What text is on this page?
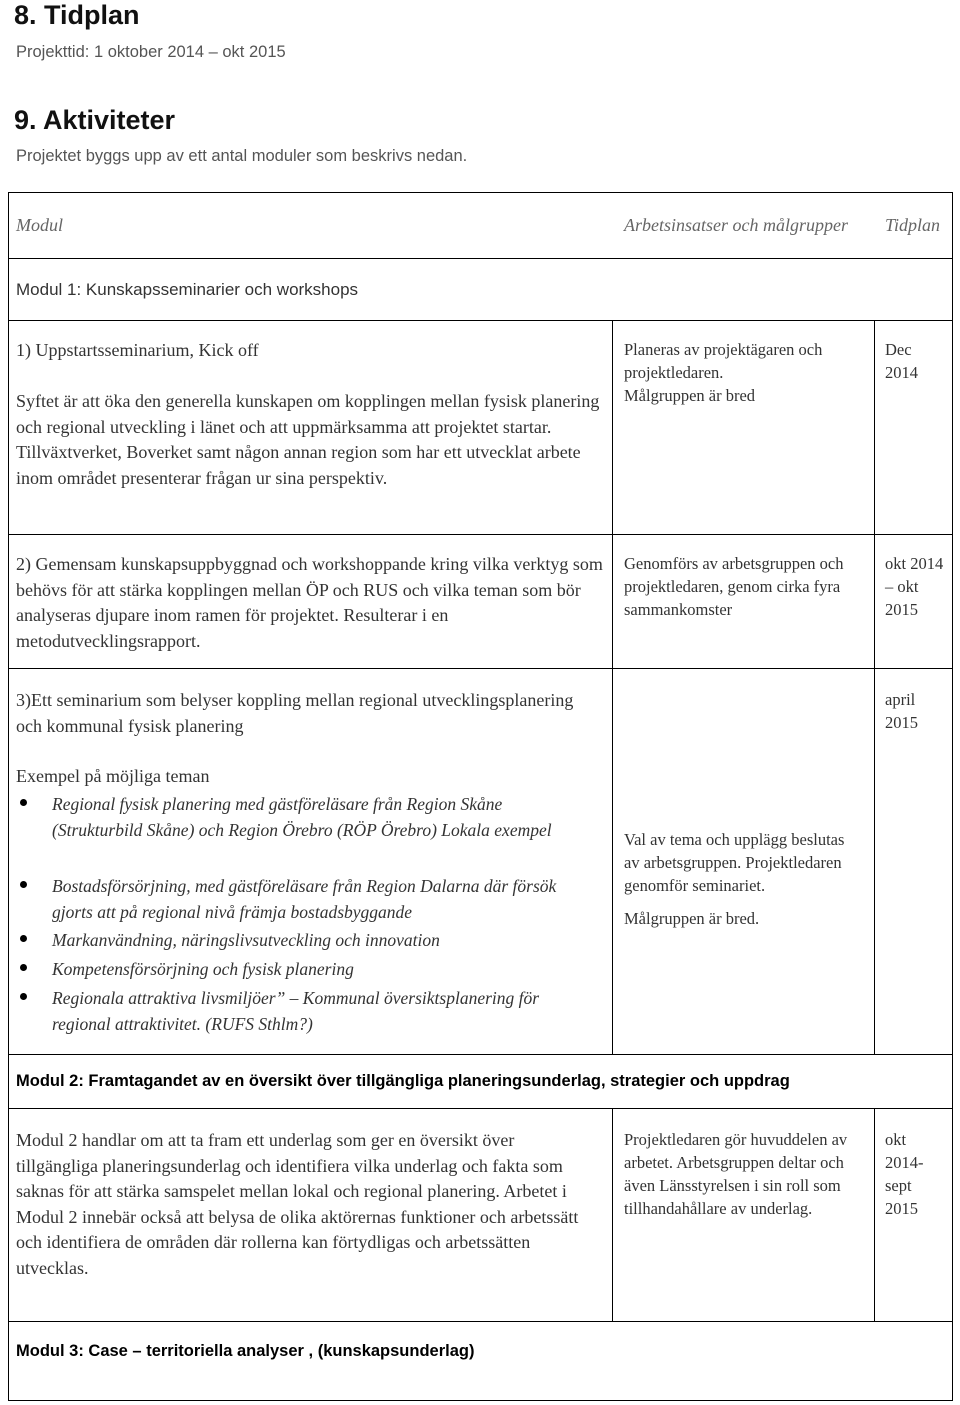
8. Tidplan

Projekttid: 1 oktober 2014 – okt 2015

9. Aktiviteter

Projektet byggs upp av ett antal moduler som beskrivs nedan.

Modul	Arbetsinsatser och målgrupper Tidplan
Modul 1: Kunskapsseminarier och workshops
1) Uppstartsseminarium, Kick off
Syftet är att öka den generella kunskapen om kopplingen mellan fysisk planering och regional utveckling i länet och att uppmärksamma att projektet startar. Tillväxtverket, Boverket samt någon annan region som har ett utvecklat arbete inom området presenterar frågan ur sina perspektiv.
Planeras av projektägaren och projektledaren.
Målgruppen är bred
Dec 2014
2) Gemensam kunskapsuppbyggnad och workshoppande kring vilka verktyg som behövs för att stärka kopplingen mellan ÖP och RUS och vilka teman som bör analyseras djupare inom ramen för projektet. Resulterar i en metodutvecklingsrapport.
Genomförs av arbetsgruppen och projektledaren, genom cirka fyra sammankomster
okt 2014 – okt 2015
3)Ett seminarium som belyser koppling mellan regional utvecklingsplanering och kommunal fysisk planering
Exempel på möjliga teman
Regional fysisk planering med gästföreläsare från Region Skåne (Strukturbild Skåne) och Region Örebro (RÖP Örebro) Lokala exempel
Bostadsförsörjning, med gästföreläsare från Region Dalarna där försök gjorts att på regional nivå främja bostadsbyggande
Markanvändning, näringslivsutveckling och innovation
Kompetensförsörjning och fysisk planering
Regionala attraktiva livsmiljöer” – Kommunal översiktsplanering för regional attraktivitet. (RUFS Sthlm?)
Val av tema och upplägg beslutas av arbetsgruppen. Projektledaren genomför seminariet.
Målgruppen är bred.
april 2015
Modul 2: Framtagandet av en översikt över tillgängliga planeringsunderlag, strategier och uppdrag
Modul 2 handlar om att ta fram ett underlag som ger en översikt över tillgängliga planeringsunderlag och identifiera vilka underlag och fakta som saknas för att stärka samspelet mellan lokal och regional planering. Arbetet i Modul 2 innebär också att belysa de olika aktörernas funktioner och arbetssätt och identifiera de områden där rollerna kan förtydligas och arbetssätten utvecklas.
Projektledaren gör huvuddelen av arbetet. Arbetsgruppen deltar och även Länsstyrelsen i sin roll som tillhandahållare av underlag.
okt 2014- sept 2015
Modul 3: Case – territoriella analyser , (kunskapsunderlag)
